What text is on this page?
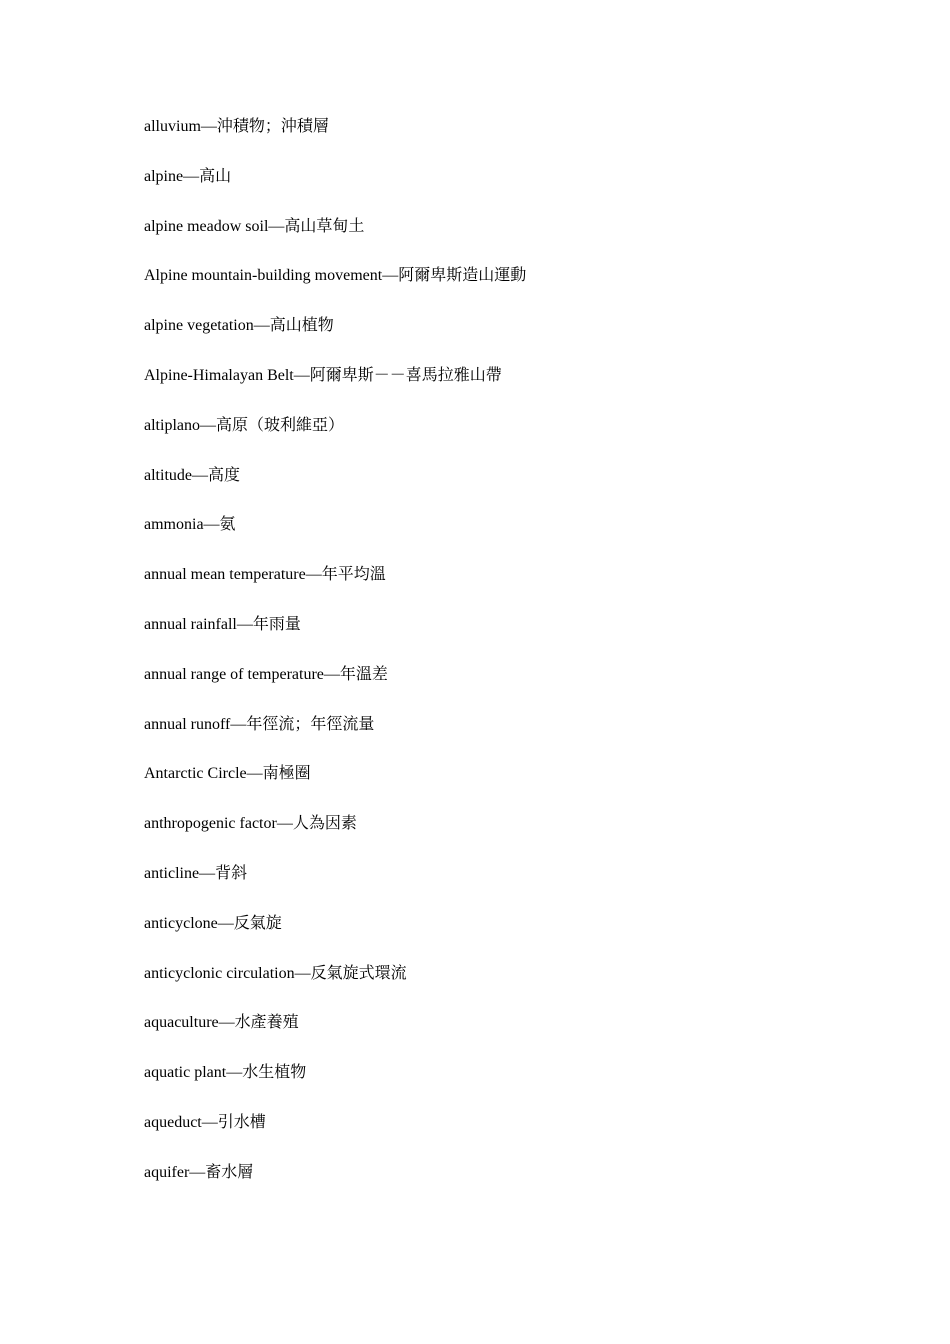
alluvium—沖積物；沖積層
alpine—高山
alpine meadow soil—高山草甸土
Alpine mountain-building movement—阿爾卑斯造山運動
alpine vegetation—高山植物
Alpine-Himalayan Belt—阿爾卑斯－－喜馬拉雅山帶
altiplano—高原（玻利維亞）
altitude—高度
ammonia—氨
annual mean temperature—年平均溫
annual rainfall—年雨量
annual range of temperature—年溫差
annual runoff—年徑流；年徑流量
Antarctic Circle—南極圈
anthropogenic factor—人為因素
anticline—背斜
anticyclone—反氣旋
anticyclonic circulation—反氣旋式環流
aquaculture—水產養殖
aquatic plant—水生植物
aqueduct—引水槽
aquifer—畜水層
